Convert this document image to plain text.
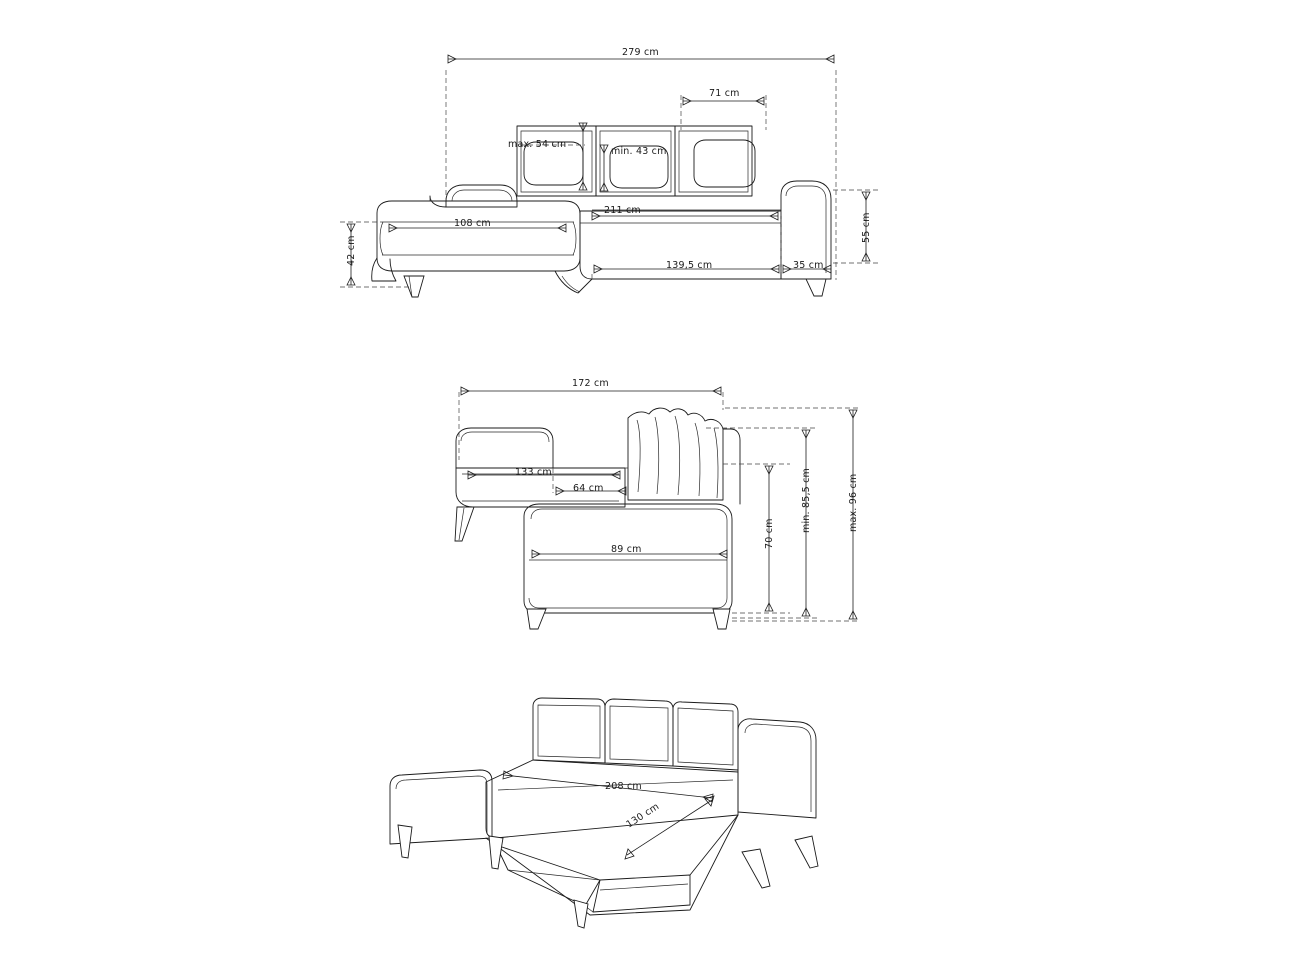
279 cm
71 cm
max. 54 cm
min. 43 cm
108 cm
211 cm
42 cm
55 cm
139,5 cm	35 cm
172 cm
133 cm
64 cm
89 cm
70 cm
min. 85,5 cm	max. 96 cm
208 cm
130 cm
